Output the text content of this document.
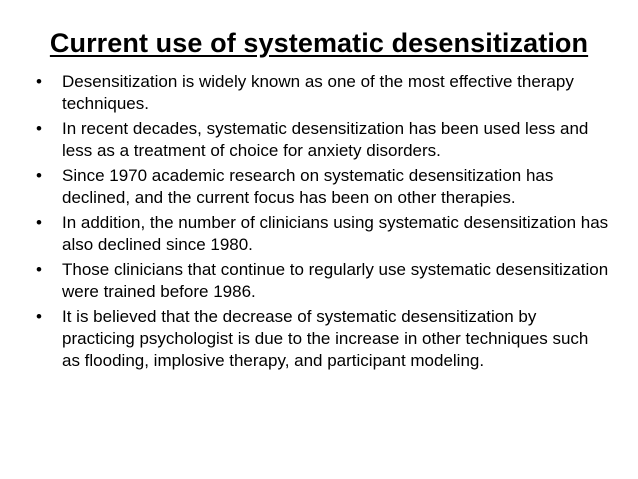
Current use of systematic desensitization
•	Desensitization is widely known as one of the most effective therapy techniques.
•	In recent decades, systematic desensitization has been used less and less as a treatment of choice for anxiety disorders.
•	Since 1970 academic research on systematic desensitization has declined, and the current focus has been on other therapies.
•	In addition, the number of clinicians using systematic desensitization has also declined since 1980.
•	Those clinicians that continue to regularly use systematic desensitization were trained before 1986.
•	It is believed that the decrease of systematic desensitization by practicing psychologist is due to the increase in other techniques such as flooding, implosive therapy, and participant modeling.
